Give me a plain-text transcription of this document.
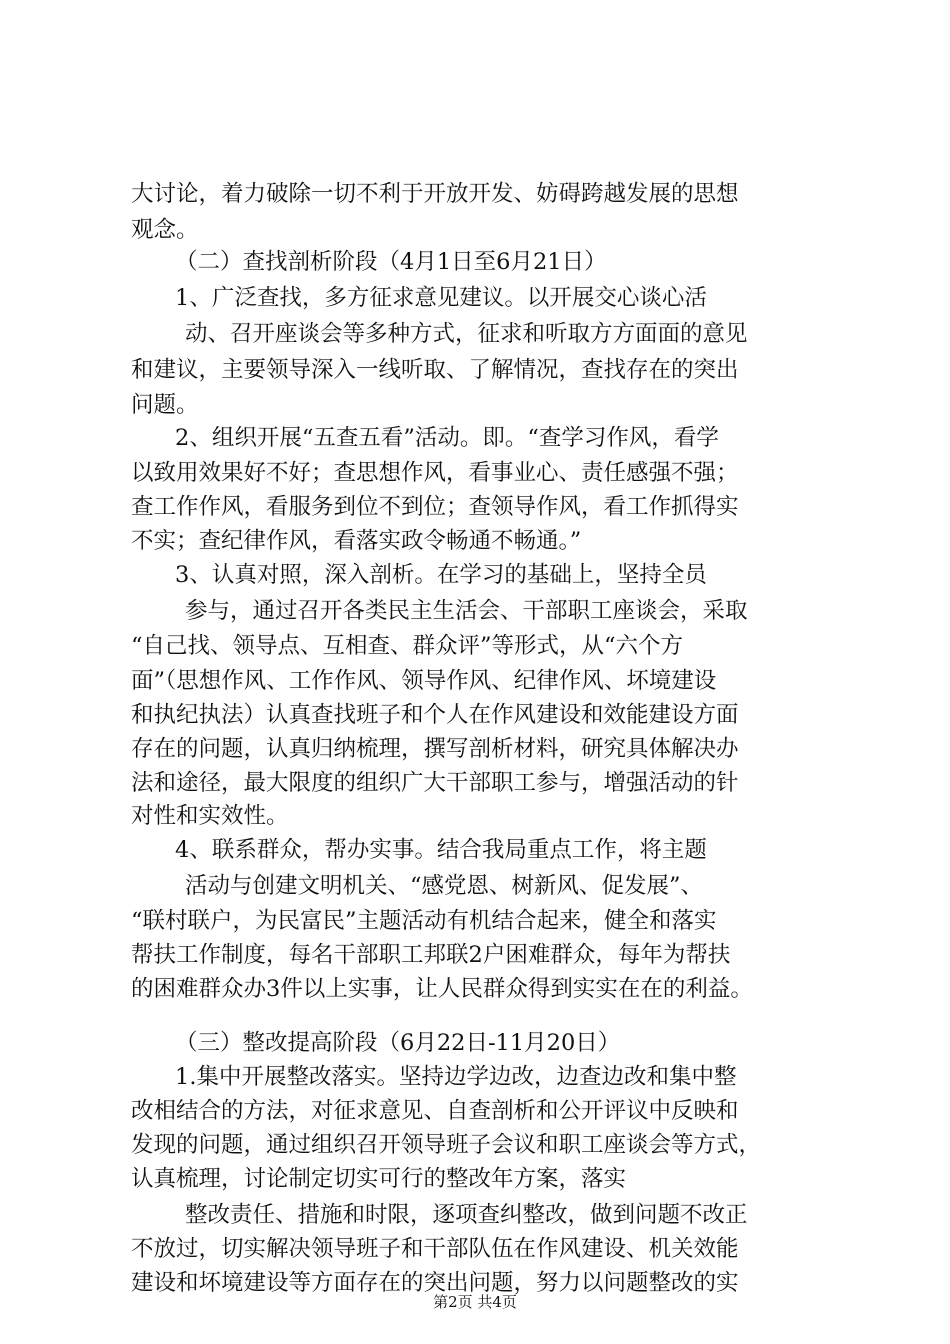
大讨论，着力破除一切不利于开放开发、妨碍跨越发展的思想
观念。
（二）查找剖析阶段（4月1日至6月21日）
1、广泛查找，多方征求意见建议。以开展交心谈心活
动、召开座谈会等多种方式，征求和听取方方面面的意见
和建议，主要领导深入一线听取、了解情况，查找存在的突出
问题。
2、组织开展“五查五看”活动。即。“查学习作风，看学
以致用效果好不好；查思想作风，看事业心、责任感强不强；
查工作作风，看服务到位不到位；查领导作风，看工作抓得实
不实；查纪律作风，看落实政令畅通不畅通。”
3、认真对照，深入剖析。在学习的基础上，坚持全员
参与，通过召开各类民主生活会、干部职工座谈会，采取
“自己找、领导点、互相查、群众评”等形式，从“六个方
面”（思想作风、工作作风、领导作风、纪律作风、坏境建设
和执纪执法）认真查找班子和个人在作风建设和效能建设方面
存在的问题，认真归纳梳理，撰写剖析材料，研究具体解决办
法和途径，最大限度的组织广大干部职工参与，增强活动的针
对性和实效性。
4、联系群众，帮办实事。结合我局重点工作，将主题
活动与创建文明机关、“感党恩、树新风、促发展”、
“联村联户，为民富民”主题活动有机结合起来，健全和落实
帮扶工作制度，每名干部职工邦联2户困难群众，每年为帮扶
的困难群众办3件以上实事，让人民群众得到实实在在的利益。
（三）整改提高阶段（6月22日-11月20日）
1.集中开展整改落实。坚持边学边改，边查边改和集中整
改相结合的方法，对征求意见、自查剖析和公开评议中反映和
发现的问题，通过组织召开领导班子会议和职工座谈会等方式，
认真梳理，讨论制定切实可行的整改年方案，落实
整改责任、措施和时限，逐项查纠整改，做到问题不改正
不放过，切实解决领导班子和干部队伍在作风建设、机关效能
建设和坏境建设等方面存在的突出问题，努力以问题整改的实
第2页 共4页
